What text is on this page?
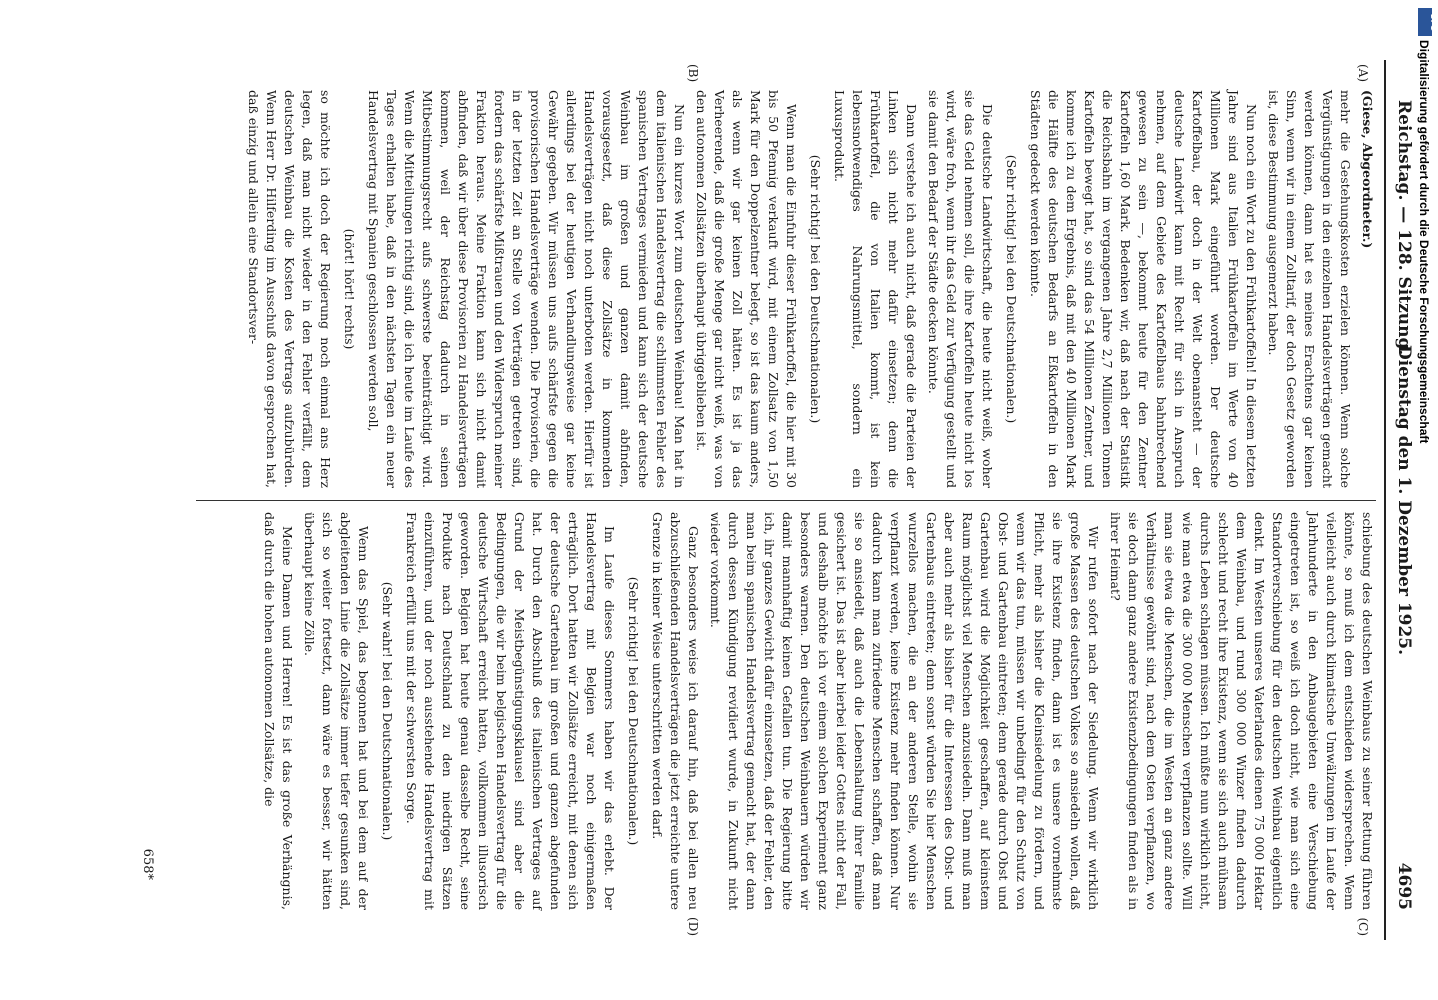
Reichstag. — 128. Sitzung.
Dienstag den 1. Dezember 1925.
4695
(A)
(B)
(C)
(D)

(Giese, Abgeordneter.)

mehr die Gestehungskosten erzielen können. Wenn solche Vergünstigungen in den einzelnen Handelsverträgen gemacht werden können, dann hat es meines Erachtens gar keinen Sinn, wenn wir in einem Zolltarif, der doch Gesetz geworden ist, diese Bestimmung ausgemerzt haben.

Nun noch ein Wort zu den Frühkartoffeln! In diesem letzten Jahre sind aus Italien Frühkartoffeln im Werte von 40 Millionen Mark eingeführt worden. Der deutsche Kartoffelbau, der doch in der Welt obenansteht — der deutsche Landwirt kann mit Recht für sich in Anspruch nehmen, auf dem Gebiete des Kartoffelbaus bahnbrechend gewesen zu sein —, bekommt heute für den Zentner Kartoffeln 1,60 Mark. Bedenken wir, daß nach der Statistik die Reichsbahn im vergangenen Jahre 2,7 Millionen Tonnen Kartoffeln bewegt hat, so sind das 54 Millionen Zentner, und komme ich zu dem Ergebnis, daß mit den 40 Millionen Mark die Hälfte des deutschen Bedarfs an Eßkartoffeln in den Städten gedeckt werden könnte.

(Sehr richtig! bei den Deutschnationalen.)

Die deutsche Landwirtschaft, die heute nicht weiß, woher sie das Geld nehmen soll, die ihre Kartoffeln heute nicht los wird, wäre froh, wenn ihr das Geld zur Verfügung gestellt und sie damit den Bedarf der Städte decken könnte.

Dann verstehe ich auch nicht, daß gerade die Parteien der Linken sich nicht mehr dafür einsetzen; denn die Frühkartoffel, die von Italien kommt, ist kein lebensnotwendiges Nahrungsmittel, sondern ein Luxusprodukt.

(Sehr richtig! bei den Deutschnationalen.)

Wenn man die Einfuhr dieser Frühkartoffel, die hier mit 30 bis 50 Pfennig verkauft wird, mit einem Zollsatz von 1,50 Mark für den Doppelzentner belegt, so ist das kaum anders, als wenn wir gar keinen Zoll hätten. Es ist ja das Verheerende, daß die große Menge gar nicht weiß, was von den autonomen Zollsätzen überhaupt übriggeblieben ist.

Nun ein kurzes Wort zum deutschen Weinbau! Man hat in dem italienischen Handelsvertrag die schlimmsten Fehler des spanischen Vertrages vermieden und kann sich der deutsche Weinbau im großen und ganzen damit abfinden, vorausgesetzt, daß diese Zollsätze in kommenden Handelsverträgen nicht noch unterboten werden. Hierfür ist allerdings bei der heutigen Verhandlungsweise gar keine Gewähr gegeben. Wir müssen uns aufs schärfste gegen die provisorischen Handelsverträge wenden. Die Provisorien, die in der letzten Zeit an Stelle von Verträgen getreten sind, fordern das schärfste Mißtrauen und den Widerspruch meiner Fraktion heraus. Meine Fraktion kann sich nicht damit abfinden, daß wir über diese Provisorien zu Handelsverträgen kommen, weil der Reichstag dadurch in seinen Mitbestimmungsrecht aufs schwerste beeinträchtigt wird. Wenn die Mitteilungen richtig sind, die ich heute im Laufe des Tages erhalten habe, daß in den nächsten Tagen ein neuer Handelsvertrag mit Spanien geschlossen werden soll,

(hört! hört! rechts)

so möchte ich doch der Regierung noch einmal ans Herz legen, daß man nicht wieder in den Fehler verfällt, dem deutschen Weinbau die Kosten des Vertrags aufzubürden. Wenn Herr Dr. Hilferding im Ausschuß davon gesprochen hat, daß einzig und allein eine Standortsver-

schiebung des deutschen Weinbaus zu seiner Rettung führen könnte, so muß ich dem entschieden widersprechen. Wenn vielleicht auch durch klimatische Umwälzungen im Laufe der Jahrhunderte in den Anbaugebieten eine Verschiebung eingetreten ist, so weiß ich doch nicht, wie man sich eine Standortverschiebung für den deutschen Weinbau eigentlich denkt. Im Westen unseres Vaterlandes dienen 75 000 Hektar dem Weinbau, und rund 300 000 Winzer finden dadurch schlecht und recht ihre Existenz, wenn sie sich auch mühsam durchs Leben schlagen müssen. Ich müßte nun wirklich nicht, wie man etwa die 300 000 Menschen verpflanzen sollte. Will man sie etwa die Menschen, die im Westen an ganz andere Verhältnisse gewöhnt sind, nach dem Osten verpflanzen, wo sie doch dann ganz andere Existenzbedingungen finden als in ihrer Heimat?

Wir rufen sofort nach der Siedelung. Wenn wir wirklich große Massen des deutschen Volkes so ansiedeln wollen, daß sie ihre Existenz finden, dann ist es unsere vornehmste Pflicht, mehr als bisher die Kleinsiedelung zu fördern, und wenn wir das tun, müssen wir unbedingt für den Schutz von Obst- und Gartenbau eintreten; denn gerade durch Obst und Gartenbau wird die Möglichkeit geschaffen, auf kleinstem Raum möglichst viel Menschen anzusiedeln. Dann muß man aber auch mehr als bisher für die Interessen des Obst- und Gartenbaus eintreten; denn sonst würden Sie hier Menschen wurzellos machen, die an der anderen Stelle, wohin sie verpflanzt werden, keine Existenz mehr finden können. Nur dadurch kann man zufriedene Menschen schaffen, daß man sie so ansiedelt, daß auch die Lebenshaltung ihrer Familie gesichert ist. Das ist aber hierbei leider Gottes nicht der Fall, und deshalb möchte ich vor einem solchen Experiment ganz besonders warnen. Den deutschen Weinbauern würden wir damit mannhaftig keinen Gefallen tun. Die Regierung bitte ich, ihr ganzes Gewicht dafür einzusetzen, daß der Fehler, den man beim spanischen Handelsvertrag gemacht hat, der dann durch dessen Kündigung revidiert wurde, in Zukunft nicht wieder vorkommt.

Ganz besonders weise ich darauf hin, daß bei allen neu abzuschließenden Handelsverträgen die jetzt erreichte untere Grenze in keiner Weise unterschritten werden darf.

(Sehr richtig! bei den Deutschnationalen.)

Im Laufe dieses Sommers haben wir das erlebt. Der Handelsvertrag mit Belgien war noch einigermaßen erträglich. Dort hatten wir Zollsätze erreicht, mit denen sich der deutsche Gartenbau im großen und ganzen abgefunden hat. Durch den Abschluß des italienischen Vertrages auf Grund der Meistbegünstigungsklausel sind aber die Bedingungen, die wir beim belgischen Handelsvertrag für die deutsche Wirtschaft erreicht hatten, vollkommen illusorisch geworden. Belgien hat heute genau dasselbe Recht, seine Produkte nach Deutschland zu den niedrigen Sätzen einzuführen, und der noch ausstehende Handelsvertrag mit Frankreich erfüllt uns mit der schwersten Sorge.

(Sehr wahr! bei den Deutschnationalen.)

Wenn das Spiel, das begonnen hat und bei dem auf der abgleitenden Linie die Zollsätze immer tiefer gesunken sind, sich so weiter fortsetzt, dann wäre es besser, wir hätten überhaupt keine Zölle.

Meine Damen und Herren! Es ist das große Verhängnis, daß durch die hohen autonomen Zollsätze, die

658*
DFG
Digitalisierung gefördert durch die Deutsche Forschungsgemeinschaft
